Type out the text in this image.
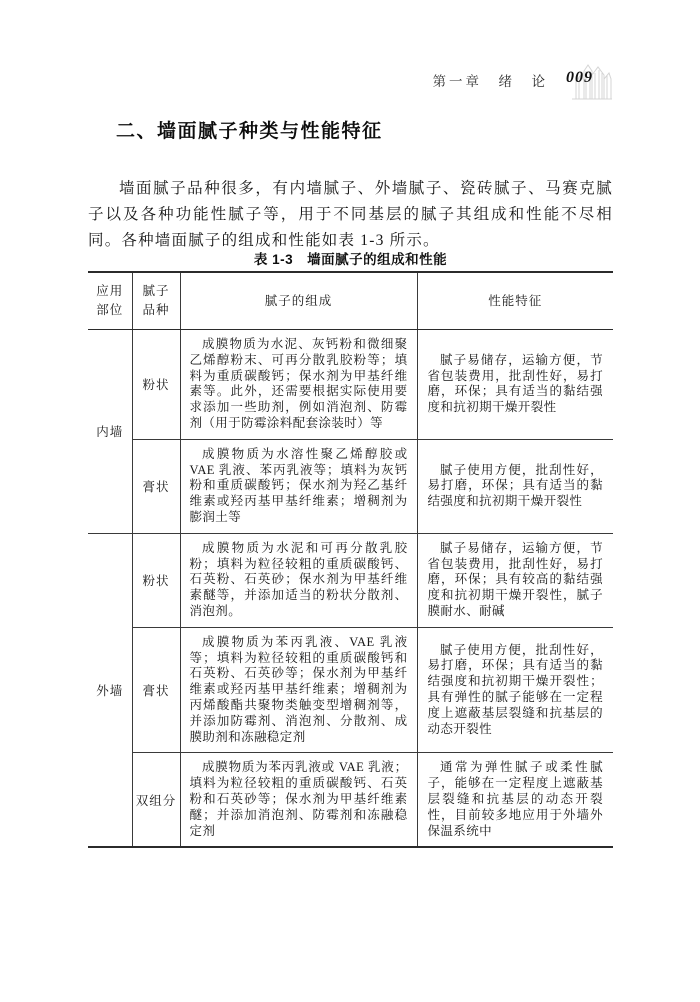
第一章　绪　论 009
二、墙面腻子种类与性能特征

墙面腻子品种很多，有内墙腻子、外墙腻子、瓷砖腻子、马赛克腻子以及各种功能性腻子等，用于不同基层的腻子其组成和性能不尽相同。各种墙面腻子的组成和性能如表 1-3 所示。

表 1-3　墙面腻子的组成和性能
应用部位	腻子品种	腻子的组成	性能特征
内墙	粉状	成膜物质为水泥、灰钙粉和微细聚乙烯醇粉末、可再分散乳胶粉等；填料为重质碳酸钙；保水剂为甲基纤维素等。此外，还需要根据实际使用要求添加一些助剂，例如消泡剂、防霉剂（用于防霉涂料配套涂装时）等	腻子易储存，运输方便，节省包装费用，批刮性好，易打磨，环保；具有适当的黏结强度和抗初期干燥开裂性
	膏状	成膜物质为水溶性聚乙烯醇胶或 VAE 乳液、苯丙乳液等；填料为灰钙粉和重质碳酸钙；保水剂为羟乙基纤维素或羟丙基甲基纤维素；增稠剂为膨润土等	腻子使用方便，批刮性好，易打磨，环保；具有适当的黏结强度和抗初期干燥开裂性
外墙	粉状	成膜物质为水泥和可再分散乳胶粉；填料为粒径较粗的重质碳酸钙、石英粉、石英砂；保水剂为甲基纤维素醚等，并添加适当的粉状分散剂、消泡剂。	腻子易储存，运输方便，节省包装费用，批刮性好，易打磨，环保；具有较高的黏结强度和抗初期干燥开裂性，腻子膜耐水、耐碱
	膏状	成膜物质为苯丙乳液、VAE 乳液等；填料为粒径较粗的重质碳酸钙和石英粉、石英砂等；保水剂为甲基纤维素或羟丙基甲基纤维素；增稠剂为丙烯酸酯共聚物类触变型增稠剂等，并添加防霉剂、消泡剂、分散剂、成膜助剂和冻融稳定剂	腻子使用方便，批刮性好，易打磨，环保；具有适当的黏结强度和抗初期干燥开裂性；具有弹性的腻子能够在一定程度上遮蔽基层裂缝和抗基层的动态开裂性
	双组分	成膜物质为苯丙乳液或 VAE 乳液；填料为粒径较粗的重质碳酸钙、石英粉和石英砂等；保水剂为甲基纤维素醚；并添加消泡剂、防霉剂和冻融稳定剂	通常为弹性腻子或柔性腻子，能够在一定程度上遮蔽基层裂缝和抗基层的动态开裂性，目前较多地应用于外墙外保温系统中
